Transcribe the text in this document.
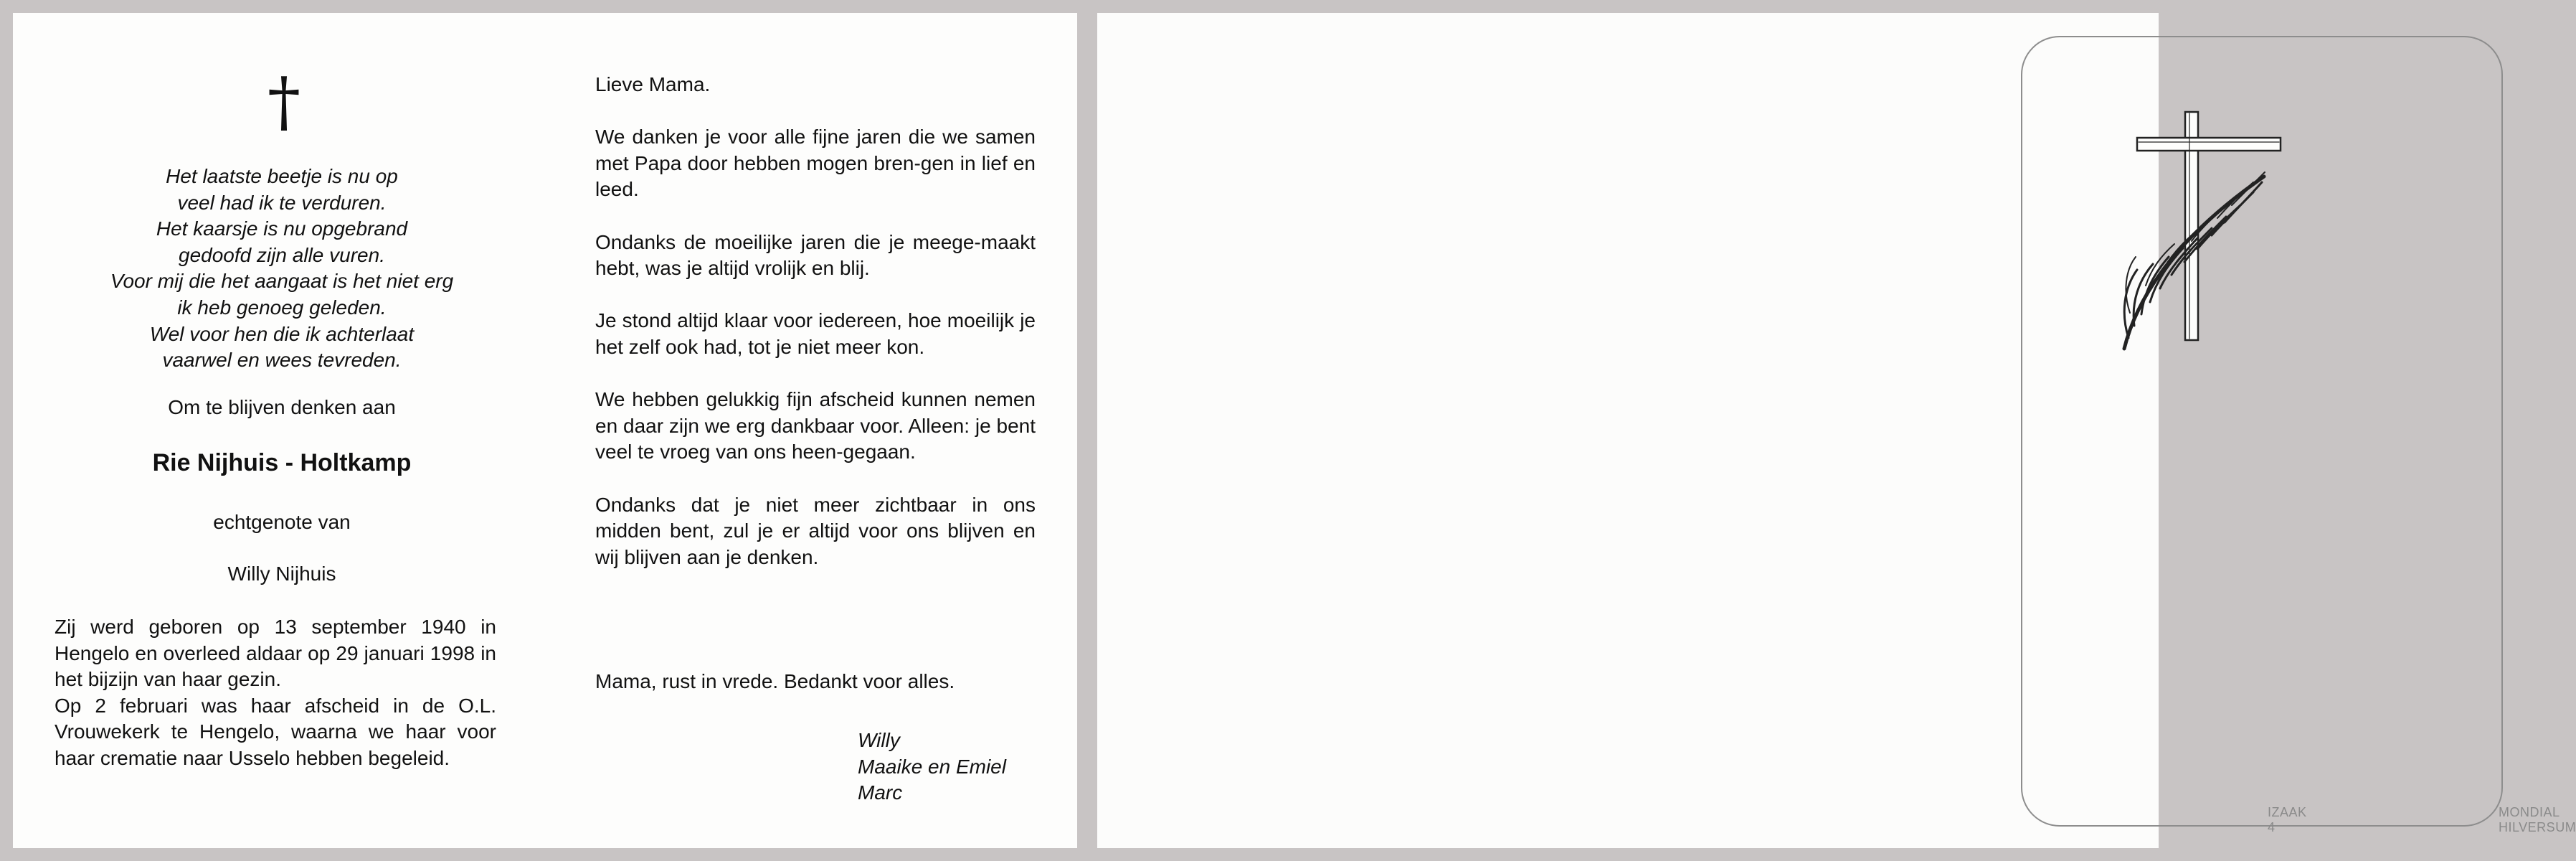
†
Het laatste beetje is nu op
veel had ik te verduren.
Het kaarsje is nu opgebrand
gedoofd zijn alle vuren.
Voor mij die het aangaat is het niet erg
ik heb genoeg geleden.
Wel voor hen die ik achterlaat
vaarwel en wees tevreden.
Om te blijven denken aan
Rie Nijhuis - Holtkamp
echtgenote van
Willy Nijhuis

Zij werd geboren op 13 september 1940 in Hengelo en overleed aldaar op 29 januari 1998 in het bijzijn van haar gezin.

Op 2 februari was haar afscheid in de O.L. Vrouwekerk te Hengelo, waarna we haar voor haar crematie naar Usselo hebben begeleid.

Lieve Mama.

We danken je voor alle fijne jaren die we samen met Papa door hebben mogen bren-gen in lief en leed.

Ondanks de moeilijke jaren die je meege-maakt hebt, was je altijd vrolijk en blij.

Je stond altijd klaar voor iedereen, hoe moeilijk je het zelf ook had, tot je niet meer kon.

We hebben gelukkig fijn afscheid kunnen nemen en daar zijn we erg dankbaar voor. Alleen: je bent veel te vroeg van ons heen-gegaan.

Ondanks dat je niet meer zichtbaar in ons midden bent, zul je er altijd voor ons blijven en wij blijven aan je denken.

Mama, rust in vrede. Bedankt voor alles.
Willy
Maaike en Emiel
Marc
IZAAK 4
MONDIAL HILVERSUM
